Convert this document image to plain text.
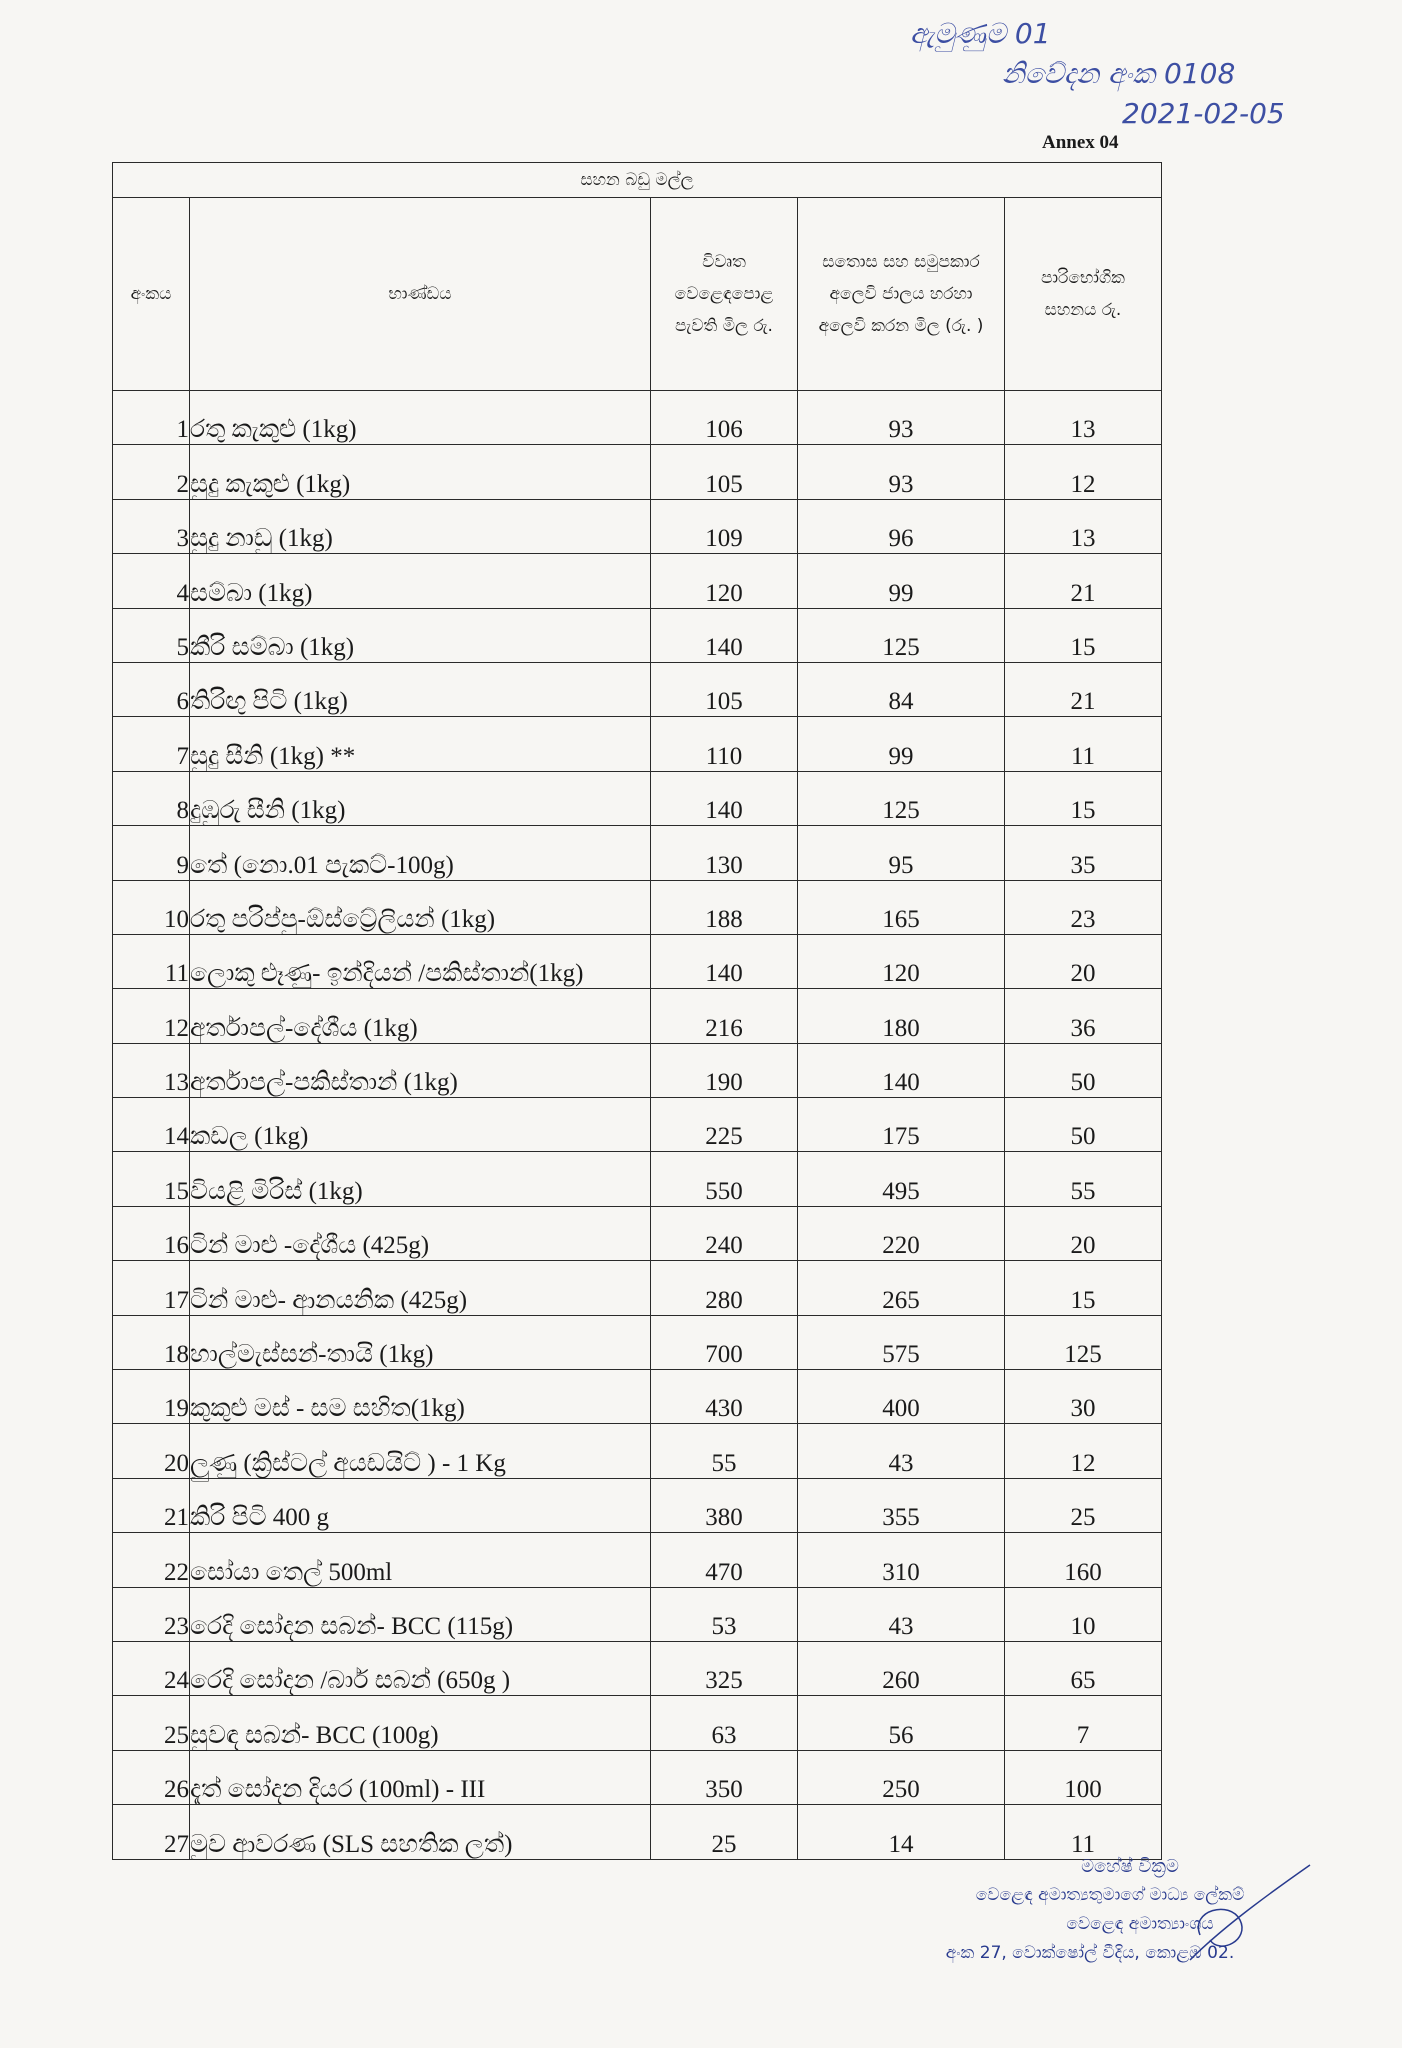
ඇමුණුම 01
නිවේදන අංක 0108
2021-02-05
Annex 04
සහන බඩු මල්ල				
අංකය	භාණ්ඩය	විවෘත වෙළෙඳපොළ පැවති මිල රු.	සතොස සහ සමුපකාර අලෙවි ජාලය හරහා අලෙවි කරන මිල (රු. )	පාරිභෝගික සහනය රු.

1	රතු කැකුළු (1kg)	106	93	13
2	සුදු කැකුළු (1kg)	105	93	12
3	සුදු නාඩු (1kg)	109	96	13
4	සම්බා (1kg)	120	99	21
5	කීරි සම්බා (1kg)	140	125	15
6	තිරිඟු පිටි (1kg)	105	84	21
7	සුදු සීනි (1kg) **	110	99	11
8	දුඹුරු සීනි (1kg)	140	125	15
9	තේ (නො.01 පැකට්-100g)	130	95	35
10	රතු පරිප්පු-ඕස්ට්‍රේලියන් (1kg)	188	165	23
11	ලොකු ළූණු- ඉන්දියන් /පකිස්තාන්(1kg)	140	120	20
12	අර්තාපල්-දේශීය (1kg)	216	180	36
13	අර්තාපල්-පකිස්තාන් (1kg)	190	140	50
14	කඩල (1kg)	225	175	50
15	වියළි මිරිස් (1kg)	550	495	55
16	ටින් මාළු -දේශීය (425g)	240	220	20
17	ටින් මාළු- ආනයනික (425g)	280	265	15
18	හාල්මැස්සන්-තායි (1kg)	700	575	125
19	කුකුළු මස් - සම සහිත(1kg)	430	400	30
20	ලුණු (ක්‍රිස්ටල් අයඩයිට් ) - 1 Kg	55	43	12
21	කිරි පිටි 400 g	380	355	25
22	සෝයා තෙල් 500ml	470	310	160
23	රෙදි සෝදන සබන්- BCC (115g)	53	43	10
24	රෙදි සෝදන /බාර් සබන් (650g )	325	260	65
25	සුවඳ සබන්- BCC (100g)	63	56	7
26	දැත් සෝදන දියර (100ml) - III	350	250	100
27	මුව ආවරණ (SLS සහතික ලත්)	25	14	11
මහේෂ් වික්‍රම
වෙළෙඳ අමාත්‍යතුමාගේ මාධ්‍ය ලේකම්
වෙළෙඳ අමාත්‍යාංශය
අංක 27, වොක්ෂෝල් වීදිය, කොළඹ 02.
